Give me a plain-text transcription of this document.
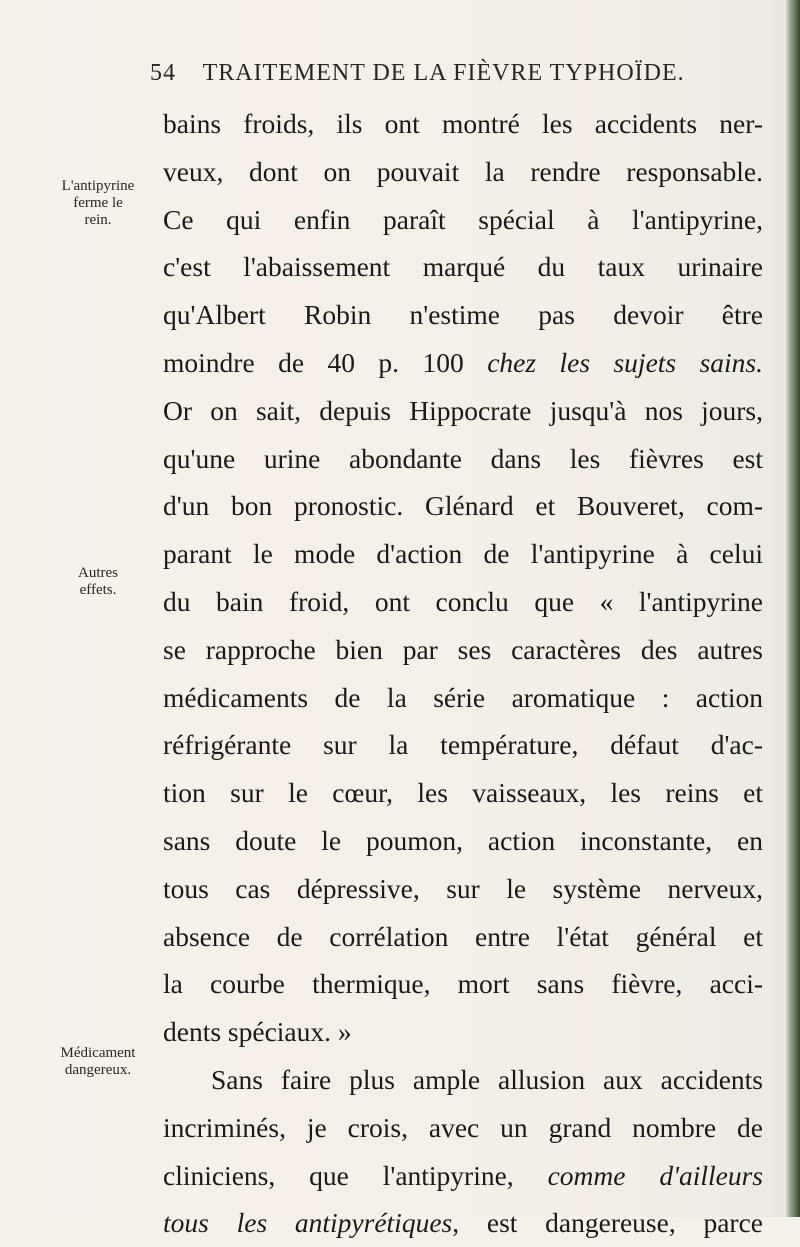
54 TRAITEMENT DE LA FIÈVRE TYPHOÏDE.
L'antipyrine
ferme le
rein.
Autres
effets.
Médicament
dangereux.
bains froids, ils ont montré les accidents ner-
veux, dont on pouvait la rendre responsable.
Ce qui enfin paraît spécial à l'antipyrine,
c'est l'abaissement marqué du taux urinaire
qu'Albert Robin n'estime pas devoir être
moindre de 40 p. 100 chez les sujets sains.
Or on sait, depuis Hippocrate jusqu'à nos jours,
qu'une urine abondante dans les fièvres est
d'un bon pronostic. Glénard et Bouveret, com-
parant le mode d'action de l'antipyrine à celui
du bain froid, ont conclu que « l'antipyrine
se rapproche bien par ses caractères des autres
médicaments de la série aromatique : action
réfrigérante sur la température, défaut d'ac-
tion sur le cœur, les vaisseaux, les reins et
sans doute le poumon, action inconstante, en
tous cas dépressive, sur le système nerveux,
absence de corrélation entre l'état général et
la courbe thermique, mort sans fièvre, acci-
dents spéciaux. »
Sans faire plus ample allusion aux accidents
incriminés, je crois, avec un grand nombre de
cliniciens, que l'antipyrine, comme d'ailleurs
tous les antipyrétiques, est dangereuse, parce
